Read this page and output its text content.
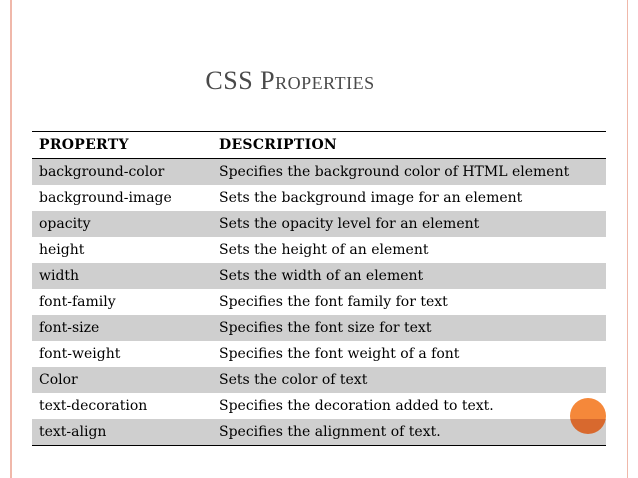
CSS Properties
PROPERTY	DESCRIPTION
background-color	Specifies the background color of HTML element
background-image	Sets the background image for an element
opacity	Sets the opacity level for an element
height	Sets the height of an element
width	Sets the width of an element
font-family	Specifies the font family for text
font-size	Specifies the font size for text
font-weight	Specifies the font weight of a font
Color	Sets the color of text
text-decoration	Specifies the decoration added to text.
text-align	Specifies the alignment of text.
